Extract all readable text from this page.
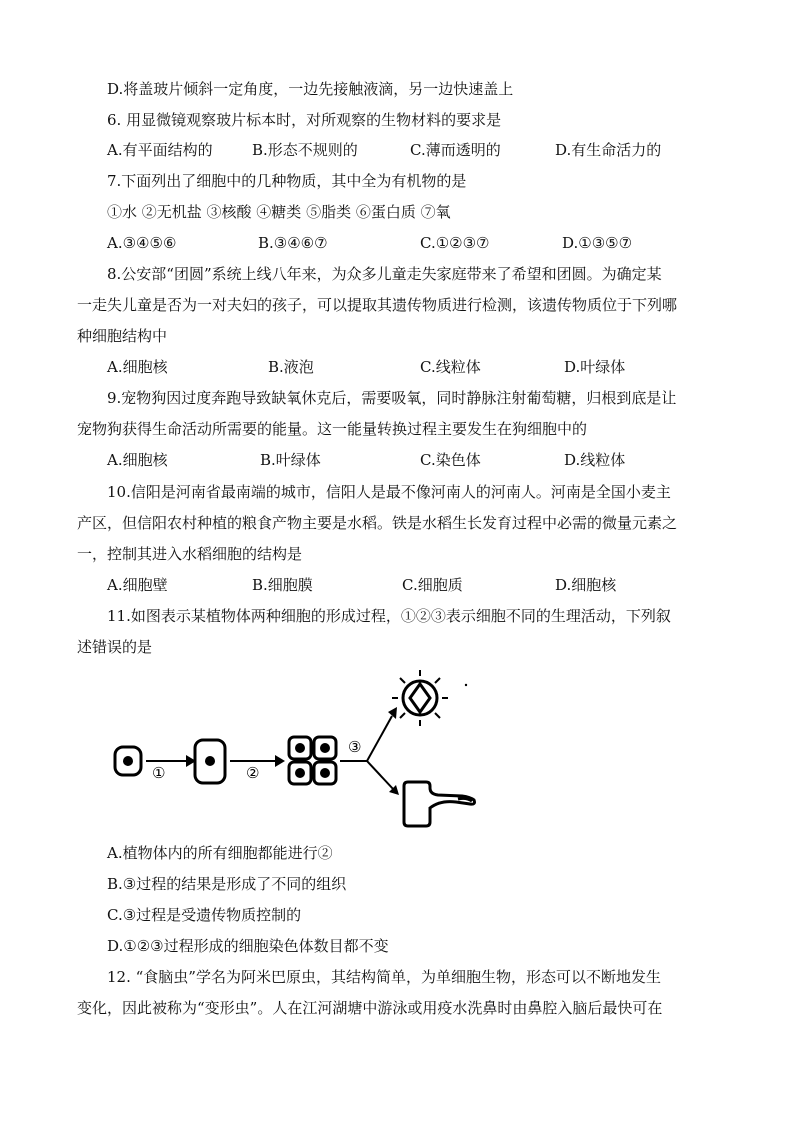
D.将盖玻片倾斜一定角度，一边先接触液滴，另一边快速盖上
6. 用显微镜观察玻片标本时，对所观察的生物材料的要求是
A.有平面结构的	B.形态不规则的	C.薄而透明的	D.有生命活力的
7.下面列出了细胞中的几种物质，其中全为有机物的是
①水 ②无机盐 ③核酸 ④糖类 ⑤脂类 ⑥蛋白质 ⑦氧
A.③④⑤⑥	B.③④⑥⑦	C.①②③⑦	D.①③⑤⑦
8.公安部“团圆”系统上线八年来，为众多儿童走失家庭带来了希望和团圆。为确定某
一走失儿童是否为一对夫妇的孩子，可以提取其遗传物质进行检测，该遗传物质位于下列哪
种细胞结构中
A.细胞核	B.液泡	C.线粒体	D.叶绿体
9.宠物狗因过度奔跑导致缺氧休克后，需要吸氧，同时静脉注射葡萄糖，归根到底是让
宠物狗获得生命活动所需要的能量。这一能量转换过程主要发生在狗细胞中的
A.细胞核	B.叶绿体	C.染色体	D.线粒体
10.信阳是河南省最南端的城市，信阳人是最不像河南人的河南人。河南是全国小麦主
产区，但信阳农村种植的粮食产物主要是水稻。铁是水稻生长发育过程中必需的微量元素之
一，控制其进入水稻细胞的结构是
A.细胞壁	B.细胞膜	C.细胞质	D.细胞核
11.如图表示某植物体两种细胞的形成过程，①②③表示细胞不同的生理活动，下列叙
述错误的是
①	②
③
A.植物体内的所有细胞都能进行②
B.③过程的结果是形成了不同的组织
C.③过程是受遗传物质控制的
D.①②③过程形成的细胞染色体数目都不变
12. “食脑虫”学名为阿米巴原虫，其结构简单，为单细胞生物，形态可以不断地发生
变化，因此被称为“变形虫”。人在江河湖塘中游泳或用疫水洗鼻时由鼻腔入脑后最快可在
